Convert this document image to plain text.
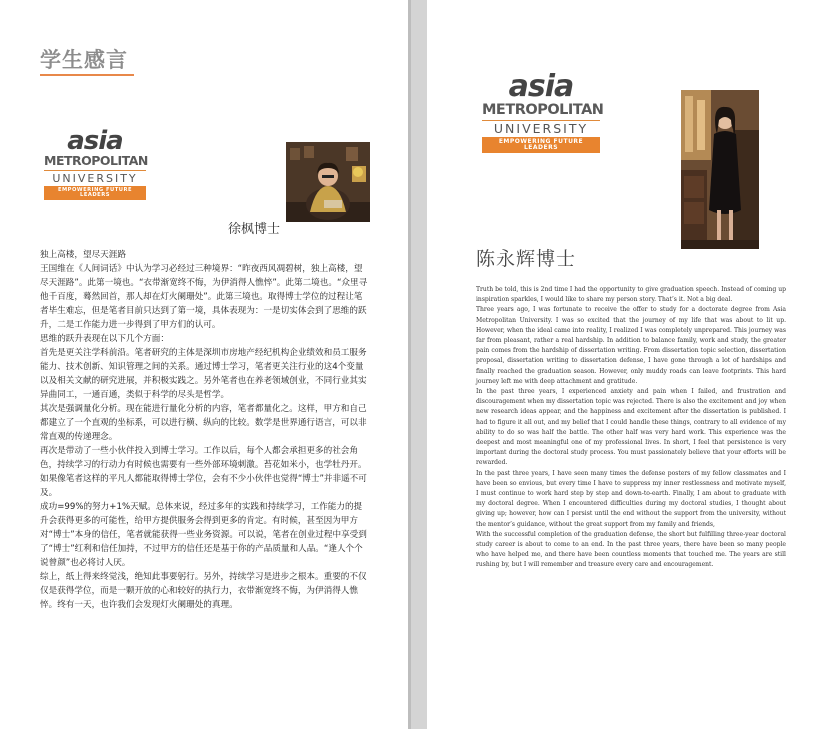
学生感言
asia
METROPOLITAN
UNIVERSITY
EMPOWERING FUTURE LEADERS
徐枫博士

独上高楼，望尽天涯路

王国维在《人间词话》中认为学习必经过三种境界：“昨夜西风凋碧树，独上高楼，望尽天涯路”。此第一境也。“衣带渐宽终不悔，为伊消得人憔悴”。此第二境也。“众里寻他千百度，蓦然回首，那人却在灯火阑珊处”。此第三境也。取得博士学位的过程让笔者毕生难忘，但是笔者目前只达到了第一境，具体表现为：一是切实体会到了思维的跃升，二是工作能力进一步得到了甲方们的认可。

思维的跃升表现在以下几个方面：

首先是更关注学科前沿。笔者研究的主体是深圳市房地产经纪机构企业绩效和员工服务能力、技术创新、知识管理之间的关系。通过博士学习，笔者更关注行业的这4个变量以及相关文献的研究进展，并积极实践之。另外笔者也在养老领域创业，不同行业其实异曲同工，一通百通，类似于科学的尽头是哲学。

其次是强调量化分析。现在能进行量化分析的内容，笔者都量化之。这样，甲方和自己都建立了一个直观的坐标系，可以进行横、纵向的比较。数学是世界通行语言，可以非常直观的传递理念。

再次是带动了一些小伙伴投入到博士学习。工作以后，每个人都会承担更多的社会角色，持续学习的行动力有时候也需要有一些外部环境刺激。苔花如米小，也学牡丹开。如果像笔者这样的平凡人都能取得博士学位，会有不少小伙伴也觉得“博士”并非遥不可及。

成功=99%的努力+1%天赋。总体来说，经过多年的实践和持续学习，工作能力的提升会获得更多的可能性，给甲方提供服务会得到更多的肯定。有时候，甚至因为甲方对“博士”本身的信任，笔者就能获得一些业务资源。可以说，笔者在创业过程中享受到了“博士”红利和信任加持，不过甲方的信任还是基于你的产品质量和人品。“逢人个个说曾颜”也必将讨人厌。

综上，纸上得来终觉浅，绝知此事要躬行。另外，持续学习是进步之根本。重要的不仅仅是获得学位，而是一颗开放的心和较好的执行力，衣带渐宽终不悔，为伊消得人憔悴。终有一天，也许我们会发现灯火阑珊处的真理。

asia
METROPOLITAN
UNIVERSITY
EMPOWERING FUTURE LEADERS
陈永辉博士

Truth be told, this is 2nd time I had the opportunity to give graduation speech. Instead of coming up inspiration sparkles, I would like to share my person story. That’s it. Not a big deal.

Three years ago, I was fortunate to receive the offer to study for a doctorate degree from Asia Metropolitan University. I was so excited that the journey of my life that was about to lit up. However, when the ideal came into reality, I realized I was completely unprepared. This journey was far from pleasant, rather a real hardship. In addition to balance family, work and study, the greater pain comes from the hardship of dissertation writing. From dissertation topic selection, dissertation proposal, dissertation writing to dissertation defense, I have gone through a lot of hardships and finally reached the graduation season. However, only muddy roads can leave footprints. This hard journey left me with deep attachment and gratitude.

In the past three years, I experienced anxiety and pain when I failed, and frustration and discouragement when my dissertation topic was rejected. There is also the excitement and joy when new research ideas appear, and the happiness and excitement after the dissertation is published. I had to figure it all out, and my belief that I could handle these things, contrary to all evidence of my ability to do so was half the battle. The other half was very hard work. This experience was the deepest and most meaningful one of my professional lives. In short, I feel that persistence is very important during the doctoral study process. You must passionately believe that your efforts will be rewarded.

In the past three years, I have seen many times the defense posters of my fellow classmates and I have been so envious, but every time I have to suppress my inner restlessness and motivate myself, I must continue to work hard step by step and down-to-earth. Finally, I am about to graduate with my doctoral degree. When I encountered difficulties during my doctoral studies, I thought about giving up; however, how can I persist until the end without the support from the university, without the mentor’s guidance, without the great support from my family and friends,

With the successful completion of the graduation defense, the short but fulfilling three-year doctoral study career is about to come to an end. In the past three years, there have been so many people who have helped me, and there have been countless moments that touched me. The years are still rushing by, but I will remember and treasure every care and encouragement.
